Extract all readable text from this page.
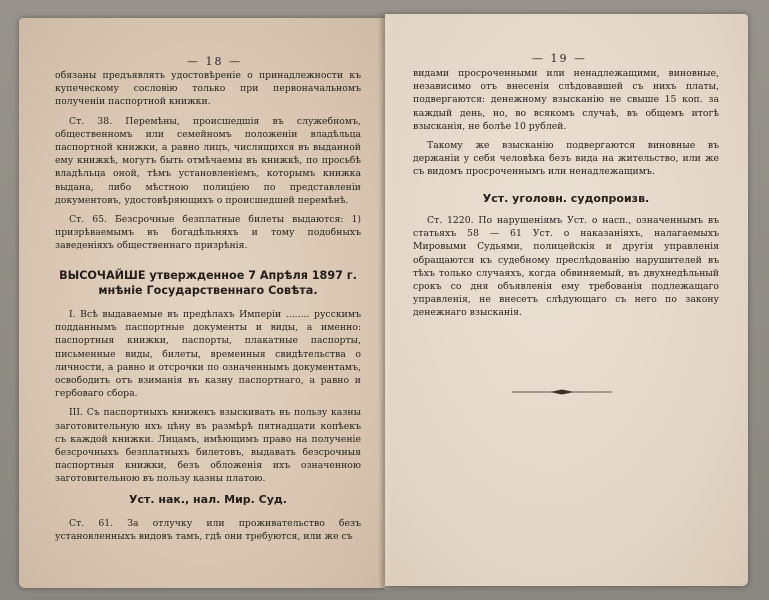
— 18 —

обязаны предъявлять удостовѣреніе о принадлежности къ купеческому сословію только при первоначальномъ полученіи паспортной книжки.

Ст. 38. Перемѣны, происшедшія въ служебномъ, общественномъ или семейномъ положеніи владѣльца паспортной книжки, а равно лицъ, числящихся въ выданной ему книжкѣ, могутъ быть отмѣчаемы въ книжкѣ, по просьбѣ владѣльца оной, тѣмъ установленіемъ, которымъ книжка выдана, либо мѣстною полиціею по представленіи документовъ, удостовѣряющихъ о происшедшей перемѣнѣ.

Ст. 65. Безсрочные безплатные билеты выдаются: 1) призрѣваемымъ въ богадѣльняхъ и тому подобныхъ заведеніяхъ общественнаго призрѣнія.

ВЫСОЧАЙШЕ утвержденное 7 Апрѣля 1897 г.
мнѣніе Государственнаго Совѣта.

I. Всѣ выдаваемые въ предѣлахъ Имперіи ........ русскимъ подданнымъ паспортные документы и виды, а именно: паспортныя книжки, паспорты, плакатные паспорты, письменные виды, билеты, временныя свидѣтельства о личности, а равно и отсрочки по означеннымъ документамъ, освободить отъ взиманія въ казну паспортнаго, а равно и гербоваго сбора.

III. Съ паспортныхъ книжекъ взыскивать въ пользу казны заготовительную ихъ цѣну въ размѣрѣ пятнадцати копѣекъ съ каждой книжки. Лицамъ, имѣющимъ право на полученіе безсрочныхъ безплатныхъ билетовъ, выдавать безсрочныя паспортныя книжки, безъ обложенія ихъ означенною заготовительною въ пользу казны платою.

Уст. нак., нал. Мир. Суд.

Ст. 61. За отлучку или проживательство безъ установленныхъ видовъ тамъ, гдѣ они требуются, или же съ

— 19 —

видами просроченными или ненадлежащими, виновные, независимо отъ внесенія слѣдовавшей съ нихъ платы, подвергаются: денежному взысканію не свыше 15 коп. за каждый день, но, во всякомъ случаѣ, въ общемъ итогѣ взысканія, не болѣе 10 рублей.

Такому же взысканію подвергаются виновные въ держаніи у себя человѣка безъ вида на жительство, или же съ видомъ просроченнымъ или ненадлежащимъ.

Уст. уголовн. судопроизв.

Ст. 1220. По нарушеніямъ Уст. о насп., означеннымъ въ статьяхъ 58 — 61 Уст. о наказаніяхъ, налагаемыхъ Мировыми Судьями, полицейскія и другія управленія обращаются къ судебному преслѣдованію нарушителей въ тѣхъ только случаяхъ, когда обвиняемый, въ двухнедѣльный срокъ со дня объявленія ему требованія подлежащаго управленія, не внесетъ слѣдующаго съ него по закону денежнаго взысканія.
